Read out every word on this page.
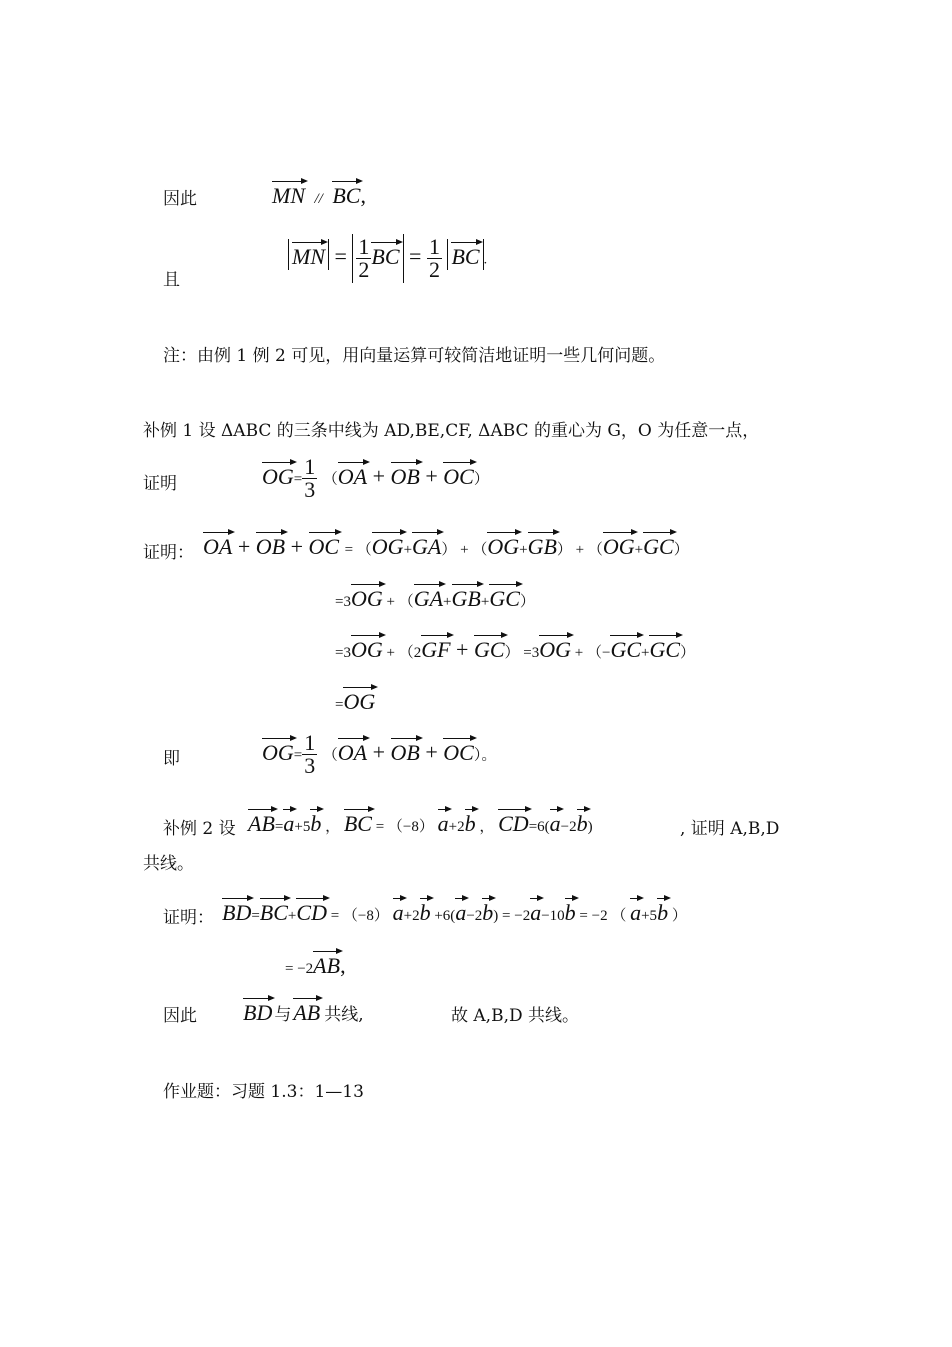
因此	MN // BC,
且
MN = $\frac{1}{2}$ BC = $\frac{1}{2}$ BC .
注：由例 1 例 2 可见，用向量运算可较简洁地证明一些几何问题。
补例 1 设 ΔABC 的三条中线为 AD,BE,CF, ΔABC 的重心为 G，O 为任意一点，
证明	$OG= \frac{1}{3} (OA$ + OB + OC）
证明： OA + OB + OC = （OG+GA） + （OG+GB） + （OG+GC）
=3OG + （GA+GB+GC）
=3OG + （2GF + GC） =3OG + （−GC+GC）
=OG
即	$OG= \frac{1}{3} (OA$ + OB + OC）。
补例 2 设 AB=a+5b ， BC = （−8） a+2b ， CD=6(a−2b)	, 证明 A,B,D
共线。
证明： BD=BC+CD = （−8） a+2b +6(a−2b) = −2a−10b = −2 （ a+5b ）
= −2AB,
因此 BD 与AB 共线,	故 A,B,D 共线。
作业题：习题 1.3：1—13
